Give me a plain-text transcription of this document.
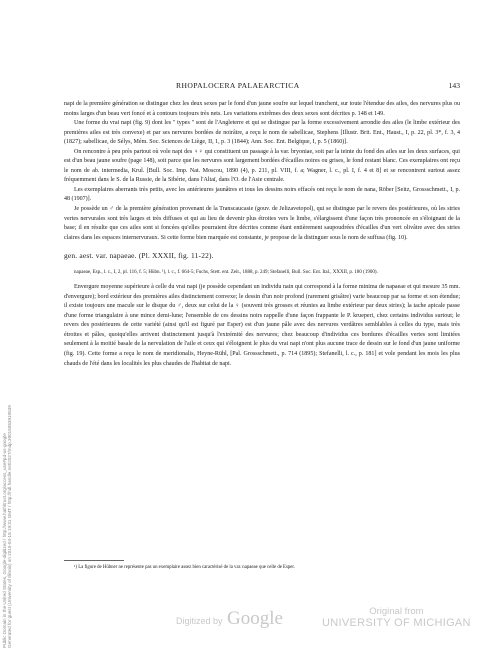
Generated for guest (University of Illinois) on 2015-04-18 19:31 GMT / http://hdl.handle.net/2027/mdp.39015063919539
Public Domain in the United States, Google-digitized / http://www.hathitrust.org/access_use#pd-us-google
RHOPALOCERA PALAEARCTICA	143

napi de la première génération se distingue chez les deux sexes par le fond d'un jaune soufre sur lequel tranchent, sur toute l'étendue des ailes, des nervures plus ou moins larges d'un beau vert foncé et à contours toujours très nets. Les variations extrêmes des deux sexes sont décrites p. 148 et 149.

Une forme du vrai napi (fig. 9) dont les " types " sont de l'Angleterre et qui se distingue par la forme excessivement arrondie des ailes (le limbe extérieur des premières ailes est très convexe) et par ses nervures bordées de noirâtre, a reçu le nom de sabellicae, Stephens [Illustr. Brit. Ent., Haust., I, p. 22, pl. 3*, f. 3, 4 (1827); sabellicae, de Sélys, Mém. Soc. Sciences de Liège, II, 1, p. 3 (1844); Ann. Soc. Ent. Belgique, I, p. 5 (1860)].

On rencontre à peu près partout où vole napi des ♀♀ qui constituent un passage à la var. bryoniae, soit par la teinte du fond des ailes sur les deux surfaces, qui est d'un beau jaune soufre (page 148), soit parce que les nervures sont largement bordées d'écailles noires ou grises, le fond restant blanc. Ces exemplaires ont reçu le nom de ab. intermedia, Krul. [Bull. Soc. Imp. Nat. Moscou, 1890 (4), p. 211, pl. VIII, f. a; Wagner, l. c., pl. I, f. 4 et 8] et se rencontrent surtout assez fréquemment dans le S. de la Russie, de la Sibérie, dans l'Altaï, dans l'O. de l'Asie centrale.

Les exemplaires aberrants très petits, avec les antérieures jaunâtres et tous les dessins noirs effacés ont reçu le nom de nana, Röber [Seitz, Grossschmett., I, p. 48 (1907)].

Je possède un ♂ de la première génération provenant de la Transcaucasie (gouv. de Jelizavetopol), qui se distingue par le revers des postérieures, où les stries vertes nervurales sont très larges et très diffuses et qui au lieu de devenir plus étroites vers le limbe, s'élargissent d'une façon très prononcée en s'éloignant de la base; il en résulte que ces ailes sont si foncées qu'elles pourraient être décrites comme étant entièrement saupoudrées d'écailles d'un vert olivâtre avec des stries claires dans les espaces internervuraux. Si cette forme bien marquée est constante, je propose de la distinguer sous le nom de suffusa (fig. 10).

gen. aest. var. napaeae. (Pl. XXXII, fig. 11-22).

napaeae, Esp., l. c., I, 2, pl. 116, f. 5; Hübn. ¹), l. c., f. 664-5; Fuchs, Stett. ent. Zeit., 1888, p. 249; Stefanelli, Bull. Soc. Ent. Ital., XXXII, p. 180 (1900).

Envergure moyenne supérieure à celle du vrai napi (je possède cependant un individu nain qui correspond à la forme minima de napaeae et qui mesure 35 mm. d'envergure); bord extérieur des premières ailes distinctement convexe; le dessin d'un noir profond (rarement grisâtre) varie beaucoup par sa forme et son étendue; il existe toujours une macule sur le disque du ♂, deux sur celui de la ♀ (souvent très grosses et réunies au limbe extérieur par deux stries); la tache apicale passe d'une forme triangulaire à une mince demi-lune; l'ensemble de ces dessins noirs rappelle d'une façon frappante le P. krueperi, chez certains individus surtout; le revers des postérieures de cette variété (ainsi qu'il est figuré par Esper) est d'un jaune pâle avec des nervures verdâtres semblables à celles du type, mais très étroites et pâles, quoiqu'elles arrivent distinctement jusqu'à l'extrémité des nervures; chez beaucoup d'individus ces bordures d'écailles vertes sont limitées seulement à la moitié basale de la nervulation de l'aile et ceux qui s'éloignent le plus du vrai napi n'ont plus aucune trace de dessin sur le fond d'un jaune uniforme (fig. 19). Cette forme a reçu le nom de meridionalis, Heyne-Rühl, [Pal. Grossschmett., p. 714 (1895); Stefanelli, l. c., p. 181] et vole pendant les mois les plus chauds de l'été dans les localités les plus chaudes de l'habitat de napi.

¹) La figure de Hübner ne représente pas un exemplaire assez bien caractérisé de la var. napaeae que celle de Esper.
Digitized by Google	Original from
UNIVERSITY OF MICHIGAN
